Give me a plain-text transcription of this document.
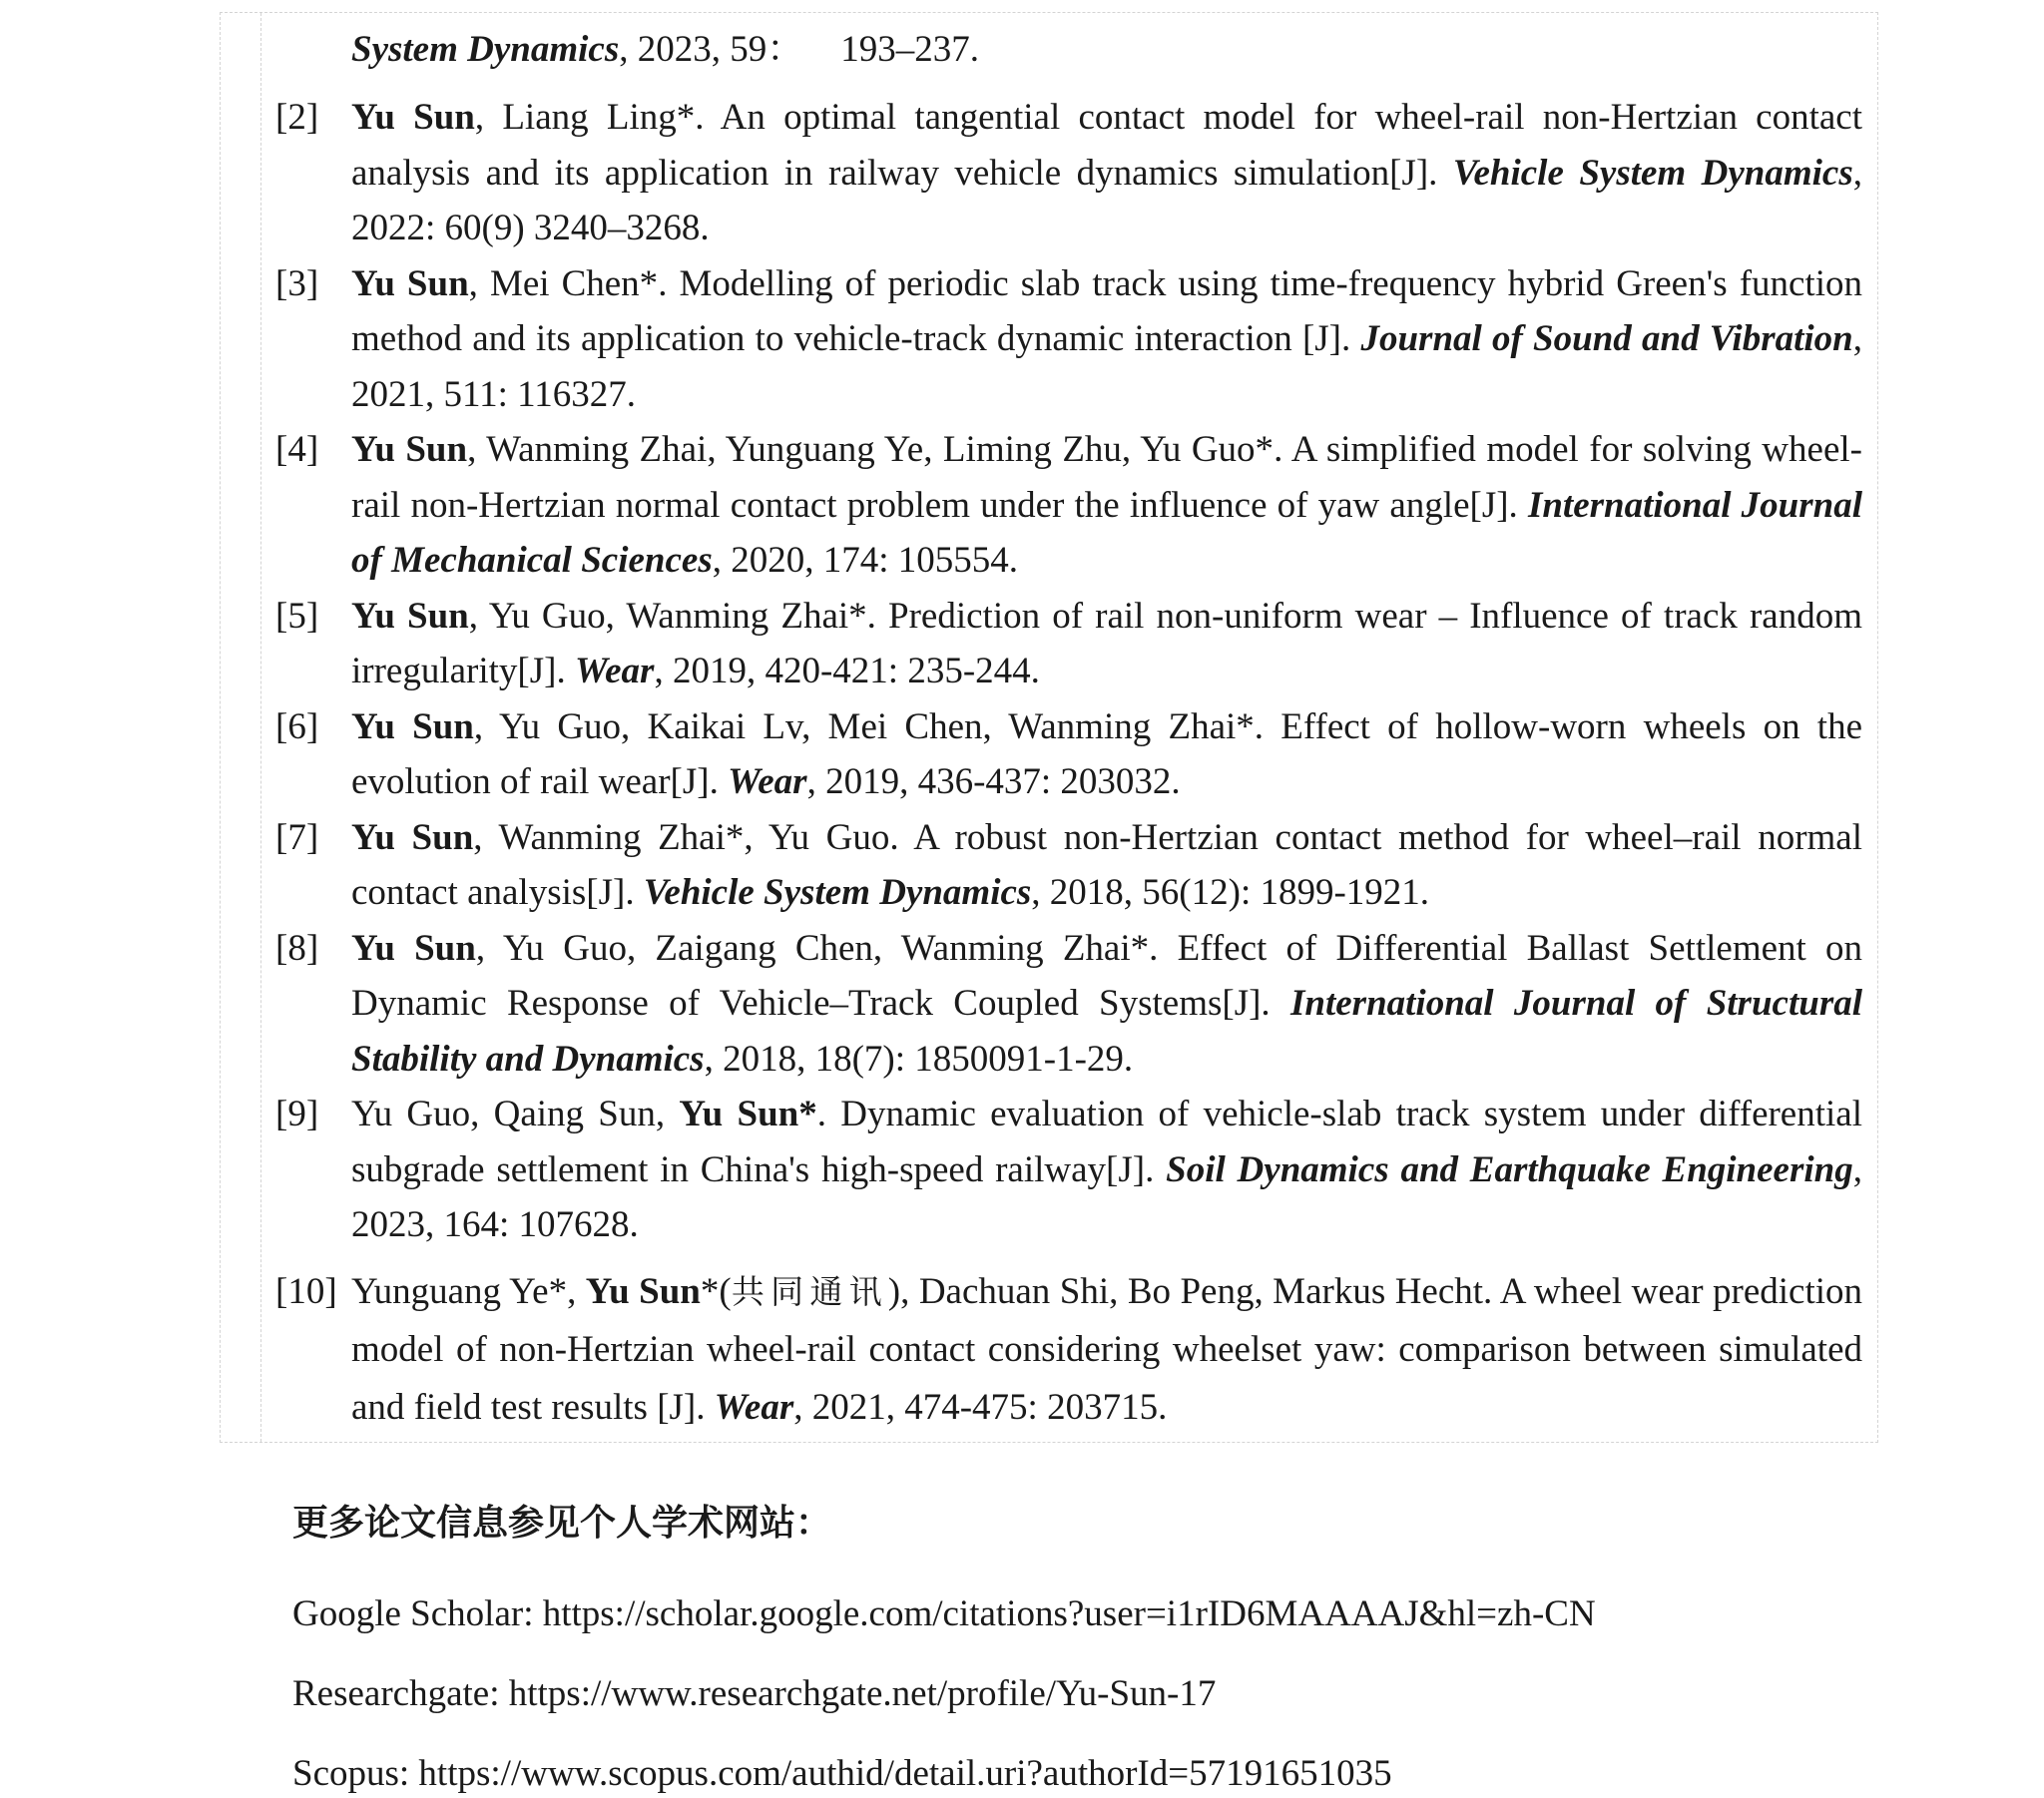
System Dynamics, 2023, 59： 193–237.
[2] Yu Sun, Liang Ling*. An optimal tangential contact model for wheel-rail non-Hertzian contact analysis and its application in railway vehicle dynamics simulation[J]. Vehicle System Dynamics, 2022: 60(9) 3240–3268.
[3] Yu Sun, Mei Chen*. Modelling of periodic slab track using time-frequency hybrid Green's function method and its application to vehicle-track dynamic interaction [J]. Journal of Sound and Vibration, 2021, 511: 116327.
[4] Yu Sun, Wanming Zhai, Yunguang Ye, Liming Zhu, Yu Guo*. A simplified model for solving wheel-rail non-Hertzian normal contact problem under the influence of yaw angle[J]. International Journal of Mechanical Sciences, 2020, 174: 105554.
[5] Yu Sun, Yu Guo, Wanming Zhai*. Prediction of rail non-uniform wear – Influence of track random irregularity[J]. Wear, 2019, 420-421: 235-244.
[6] Yu Sun, Yu Guo, Kaikai Lv, Mei Chen, Wanming Zhai*. Effect of hollow-worn wheels on the evolution of rail wear[J]. Wear, 2019, 436-437: 203032.
[7] Yu Sun, Wanming Zhai*, Yu Guo. A robust non-Hertzian contact method for wheel–rail normal contact analysis[J]. Vehicle System Dynamics, 2018, 56(12): 1899-1921.
[8] Yu Sun, Yu Guo, Zaigang Chen, Wanming Zhai*. Effect of Differential Ballast Settlement on Dynamic Response of Vehicle–Track Coupled Systems[J]. International Journal of Structural Stability and Dynamics, 2018, 18(7): 1850091-1-29.
[9] Yu Guo, Qaing Sun, Yu Sun*. Dynamic evaluation of vehicle-slab track system under differential subgrade settlement in China's high-speed railway[J]. Soil Dynamics and Earthquake Engineering, 2023, 164: 107628.
[10] Yunguang Ye*, Yu Sun*(共同通讯), Dachuan Shi, Bo Peng, Markus Hecht. A wheel wear prediction model of non-Hertzian wheel-rail contact considering wheelset yaw: comparison between simulated and field test results [J]. Wear, 2021, 474-475: 203715.
更多论文信息参见个人学术网站：
Google Scholar: https://scholar.google.com/citations?user=i1rID6MAAAAJ&hl=zh-CN
Researchgate: https://www.researchgate.net/profile/Yu-Sun-17
Scopus: https://www.scopus.com/authid/detail.uri?authorId=57191651035
